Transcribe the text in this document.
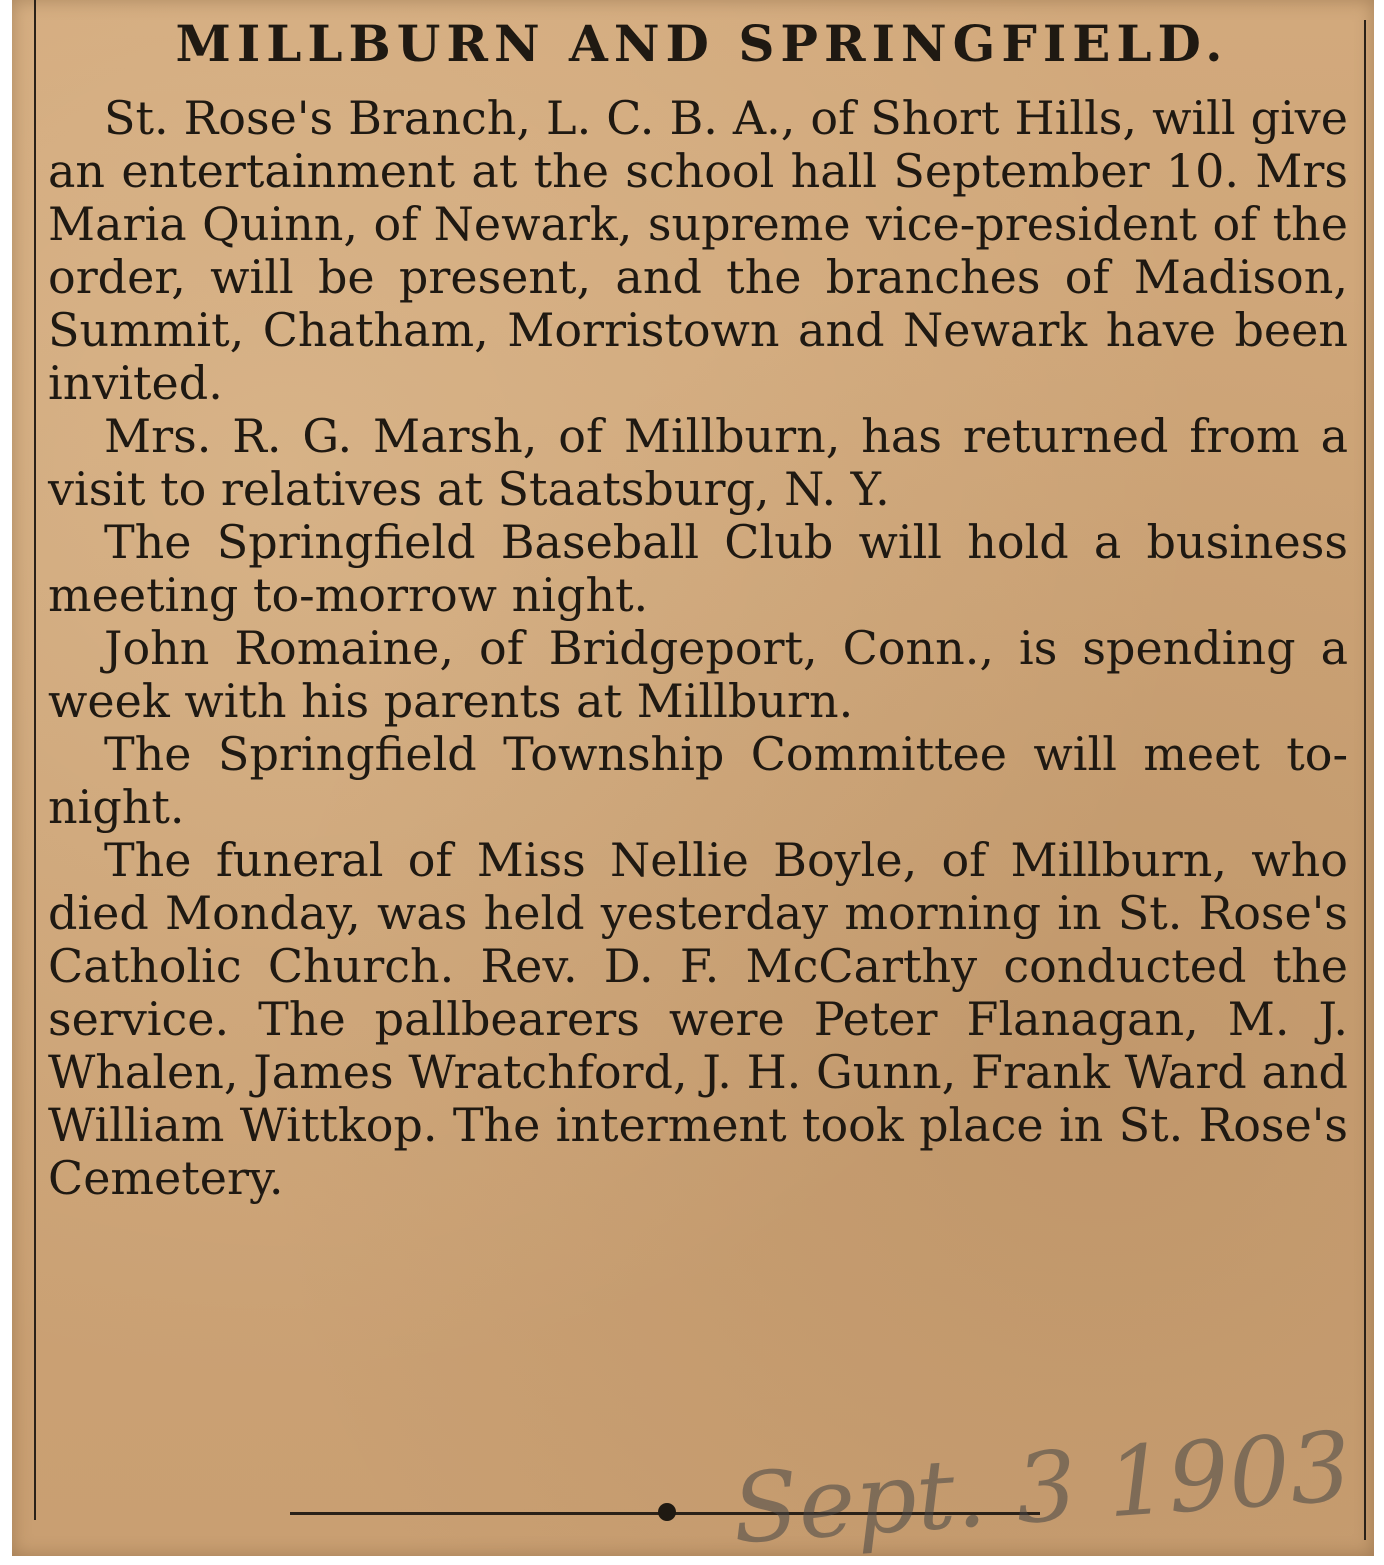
MILLBURN AND SPRINGFIELD.

St. Rose's Branch, L. C. B. A., of Short Hills, will give an entertainment at the school hall September 10. Mrs Maria Quinn, of Newark, supreme vice-president of the order, will be present, and the branches of Madison, Summit, Chatham, Morristown and Newark have been invited.

Mrs. R. G. Marsh, of Millburn, has returned from a visit to relatives at Staatsburg, N. Y.

The Springfield Baseball Club will hold a business meeting to-morrow night.

John Romaine, of Bridgeport, Conn., is spending a week with his parents at Millburn.

The Springfield Township Committee will meet to-night.

The funeral of Miss Nellie Boyle, of Millburn, who died Monday, was held yesterday morning in St. Rose's Catholic Church. Rev. D. F. McCarthy conducted the service. The pallbearers were Peter Flanagan, M. J. Whalen, James Wratchford, J. H. Gunn, Frank Ward and William Wittkop. The interment took place in St. Rose's Cemetery.

Sept. 3 1903
